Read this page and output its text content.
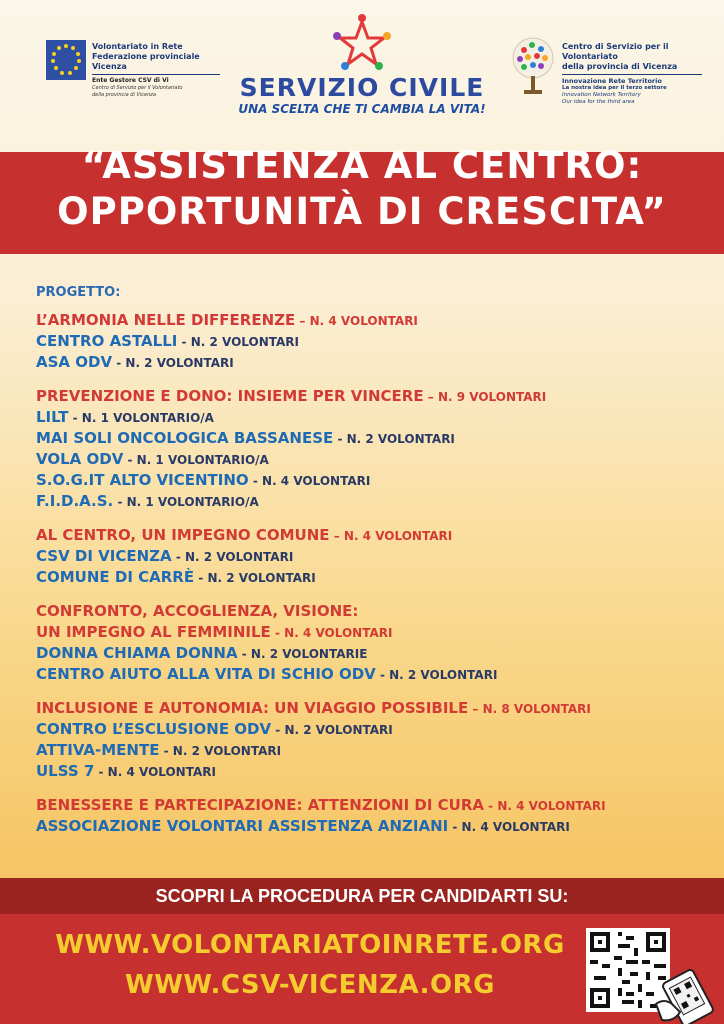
Volontariato in Rete
Federazione provinciale Vicenza
Ente Gestore CSV di Vi
Centro di Servizio per il Volontariato
della provincia di Vicenza	SERVIZIO CIVILE
UNA SCELTA CHE TI CAMBIA LA VITA!
Centro di Servizio per il Volontariato
della provincia di Vicenza
Innovazione Rete Territorio
La nostra idea per il terzo settore
Innovation Network Territory
Our idea for the third area
“ASSISTENZA AL CENTRO:
OPPORTUNITÀ DI CRESCITA”
PROGETTO:
L’ARMONIA NELLE DIFFERENZE – N. 4 VOLONTARI
CENTRO ASTALLI - N. 2 VOLONTARI
ASA ODV - N. 2 VOLONTARI
PREVENZIONE E DONO: INSIEME PER VINCERE – N. 9 VOLONTARI
LILT - N. 1 VOLONTARIO/A
MAI SOLI ONCOLOGICA BASSANESE - N. 2 VOLONTARI
VOLA ODV - N. 1 VOLONTARIO/A
S.O.G.IT ALTO VICENTINO - N. 4 VOLONTARI
F.I.D.A.S. - N. 1 VOLONTARIO/A
AL CENTRO, UN IMPEGNO COMUNE – N. 4 VOLONTARI
CSV DI VICENZA - N. 2 VOLONTARI
COMUNE DI CARRÈ - N. 2 VOLONTARI
CONFRONTO, ACCOGLIENZA, VISIONE:
UN IMPEGNO AL FEMMINILE - N. 4 VOLONTARI
DONNA CHIAMA DONNA - N. 2 VOLONTARIE
CENTRO AIUTO ALLA VITA DI SCHIO ODV - N. 2 VOLONTARI
INCLUSIONE E AUTONOMIA: UN VIAGGIO POSSIBILE – N. 8 VOLONTARI
CONTRO L’ESCLUSIONE ODV - N. 2 VOLONTARI
ATTIVA-MENTE - N. 2 VOLONTARI
ULSS 7 - N. 4 VOLONTARI
BENESSERE E PARTECIPAZIONE: ATTENZIONI DI CURA - N. 4 VOLONTARI
ASSOCIAZIONE VOLONTARI ASSISTENZA ANZIANI - N. 4 VOLONTARI
SCOPRI LA PROCEDURA PER CANDIDARTI SU:
WWW.VOLONTARIATOINRETE.ORG
WWW.CSV-VICENZA.ORG
